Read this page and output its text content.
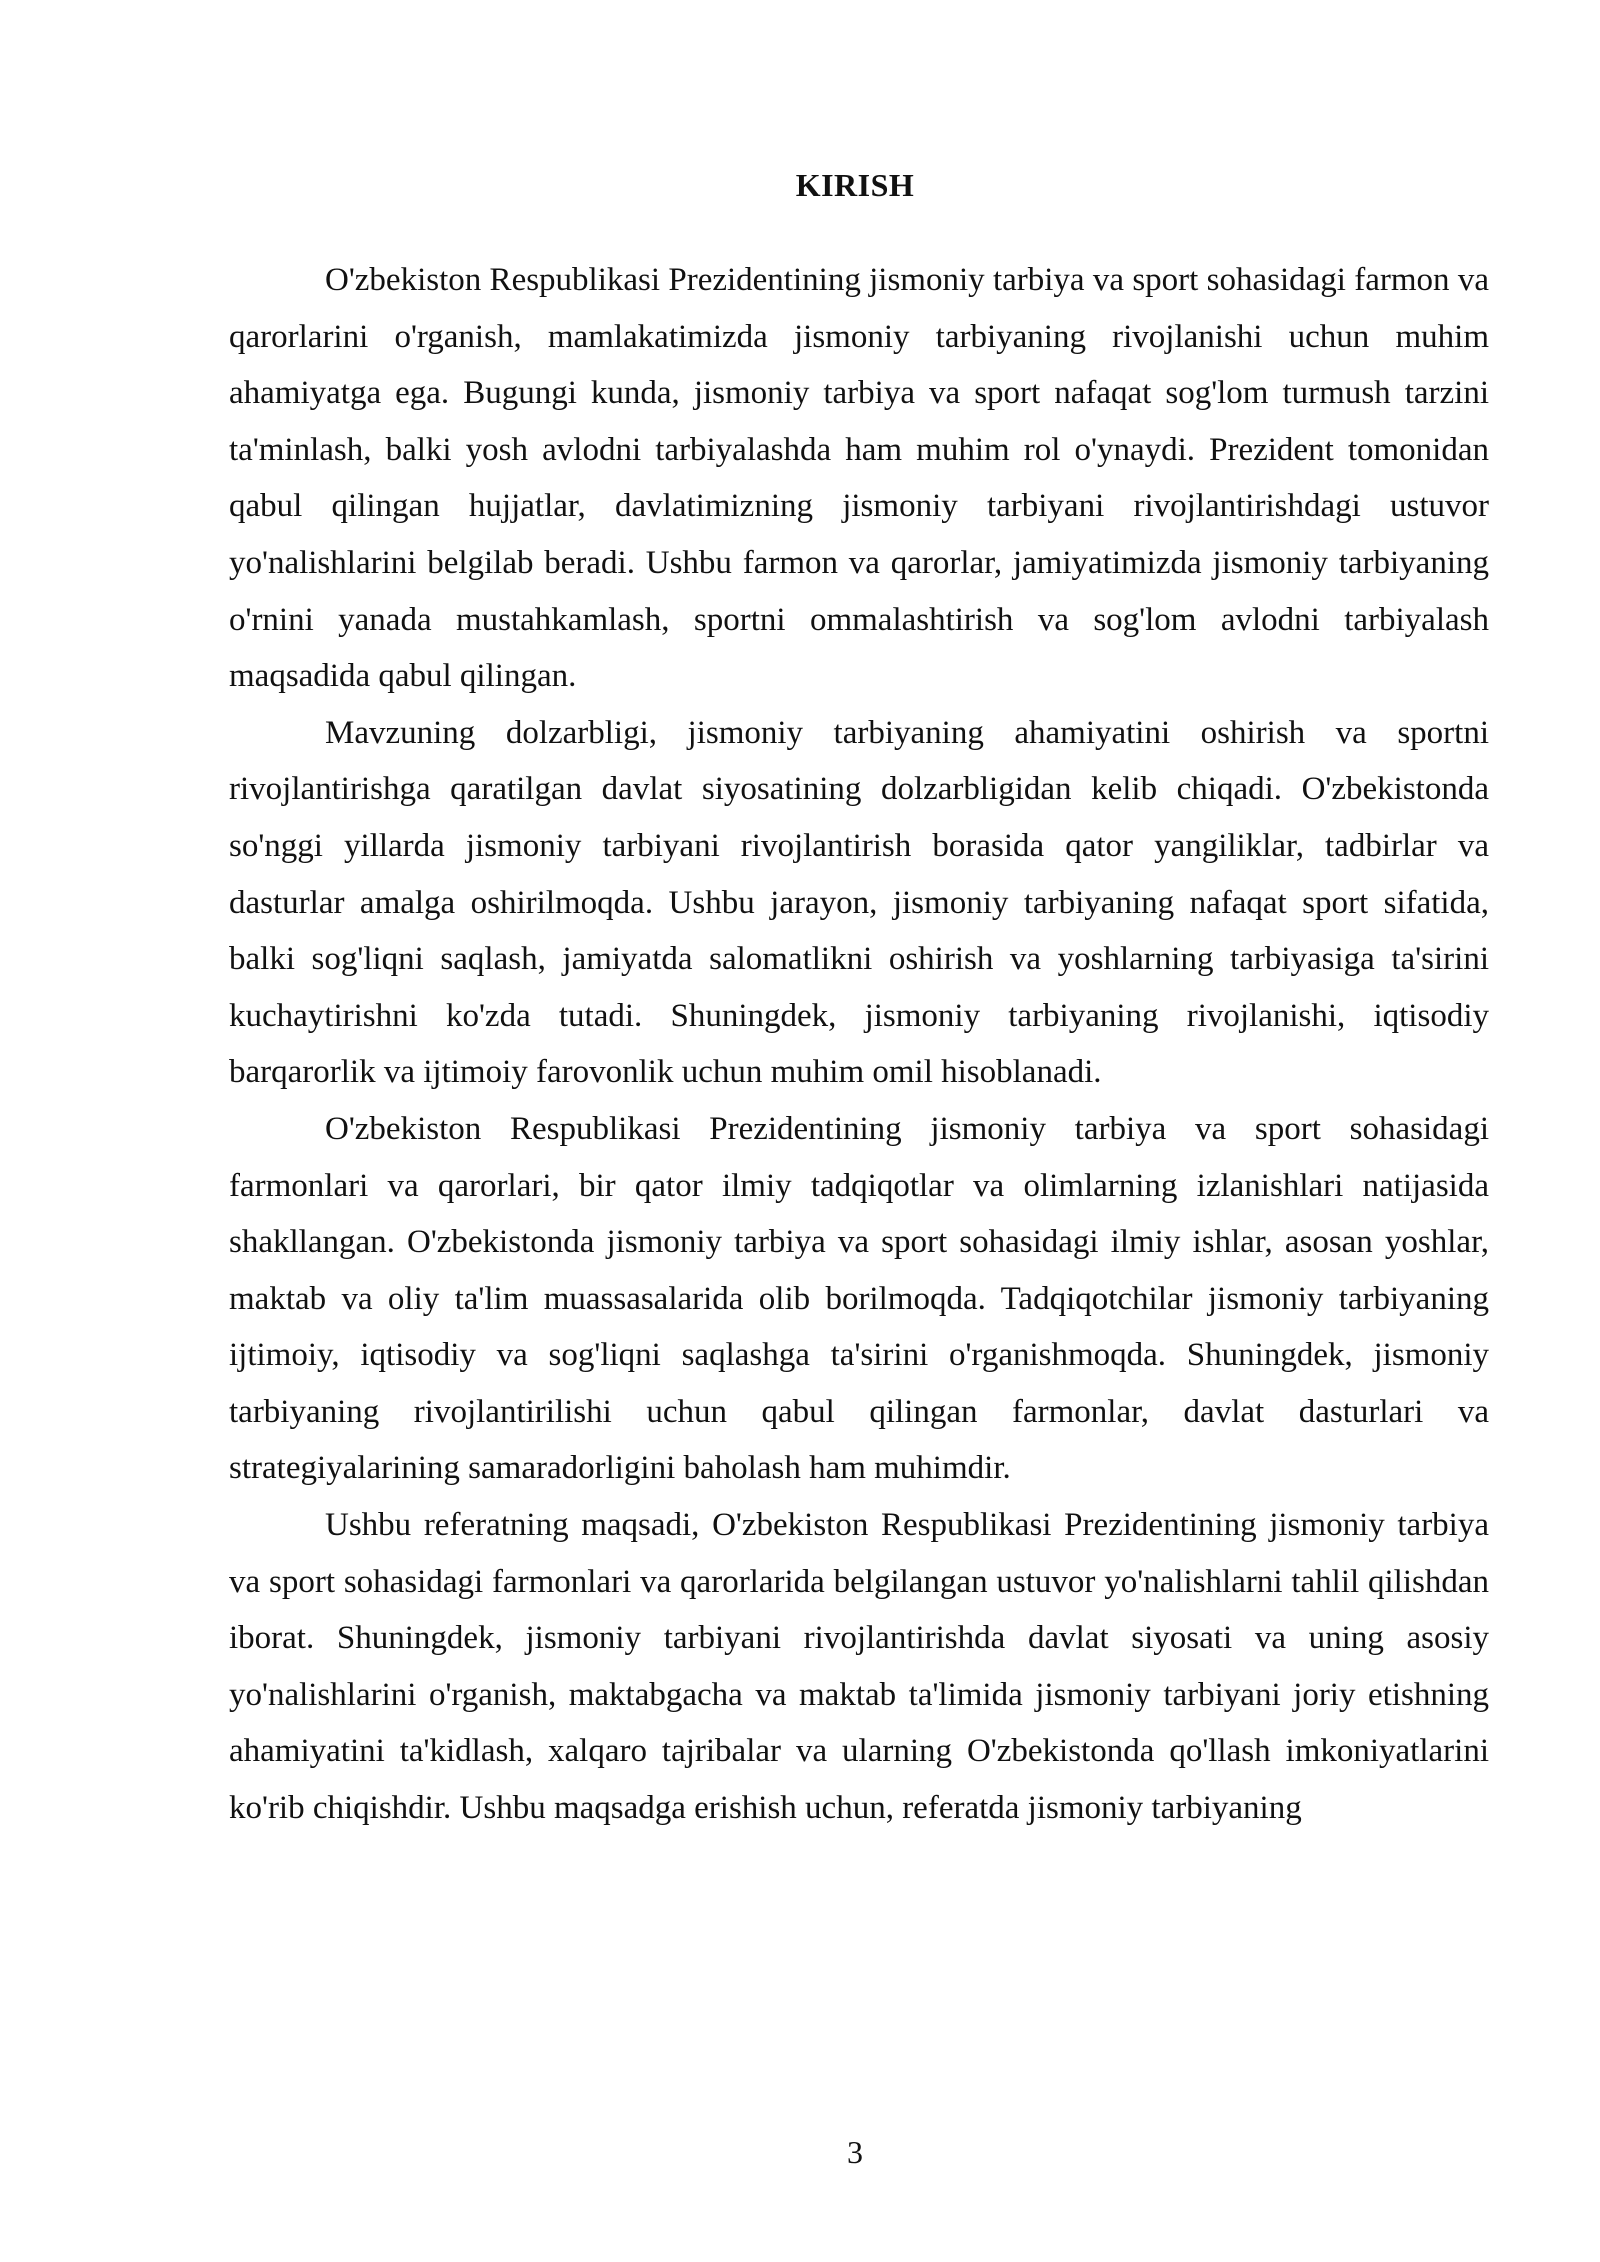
KIRISH

O'zbekiston Respublikasi Prezidentining jismoniy tarbiya va sport sohasidagi farmon va qarorlarini o'rganish, mamlakatimizda jismoniy tarbiyaning rivojlanishi uchun muhim ahamiyatga ega. Bugungi kunda, jismoniy tarbiya va sport nafaqat sog'lom turmush tarzini ta'minlash, balki yosh avlodni tarbiyalashda ham muhim rol o'ynaydi. Prezident tomonidan qabul qilingan hujjatlar, davlatimizning jismoniy tarbiyani rivojlantirishdagi ustuvor yo'nalishlarini belgilab beradi. Ushbu farmon va qarorlar, jamiyatimizda jismoniy tarbiyaning o'rnini yanada mustahkamlash, sportni ommalashtirish va sog'lom avlodni tarbiyalash maqsadida qabul qilingan.

Mavzuning dolzarbligi, jismoniy tarbiyaning ahamiyatini oshirish va sportni rivojlantirishga qaratilgan davlat siyosatining dolzarbligidan kelib chiqadi. O'zbekistonda so'nggi yillarda jismoniy tarbiyani rivojlantirish borasida qator yangiliklar, tadbirlar va dasturlar amalga oshirilmoqda. Ushbu jarayon, jismoniy tarbiyaning nafaqat sport sifatida, balki sog'liqni saqlash, jamiyatda salomatlikni oshirish va yoshlarning tarbiyasiga ta'sirini kuchaytirishni ko'zda tutadi. Shuningdek, jismoniy tarbiyaning rivojlanishi, iqtisodiy barqarorlik va ijtimoiy farovonlik uchun muhim omil hisoblanadi.

O'zbekiston Respublikasi Prezidentining jismoniy tarbiya va sport sohasidagi farmonlari va qarorlari, bir qator ilmiy tadqiqotlar va olimlarning izlanishlari natijasida shakllangan. O'zbekistonda jismoniy tarbiya va sport sohasidagi ilmiy ishlar, asosan yoshlar, maktab va oliy ta'lim muassasalarida olib borilmoqda. Tadqiqotchilar jismoniy tarbiyaning ijtimoiy, iqtisodiy va sog'liqni saqlashga ta'sirini o'rganishmoqda. Shuningdek, jismoniy tarbiyaning rivojlantirilishi uchun qabul qilingan farmonlar, davlat dasturlari va strategiyalarining samaradorligini baholash ham muhimdir.

Ushbu referatning maqsadi, O'zbekiston Respublikasi Prezidentining jismoniy tarbiya va sport sohasidagi farmonlari va qarorlarida belgilangan ustuvor yo'nalishlarni tahlil qilishdan iborat. Shuningdek, jismoniy tarbiyani rivojlantirishda davlat siyosati va uning asosiy yo'nalishlarini o'rganish, maktabgacha va maktab ta'limida jismoniy tarbiyani joriy etishning ahamiyatini ta'kidlash, xalqaro tajribalar va ularning O'zbekistonda qo'llash imkoniyatlarini ko'rib chiqishdir. Ushbu maqsadga erishish uchun, referatda jismoniy tarbiyaning

3
